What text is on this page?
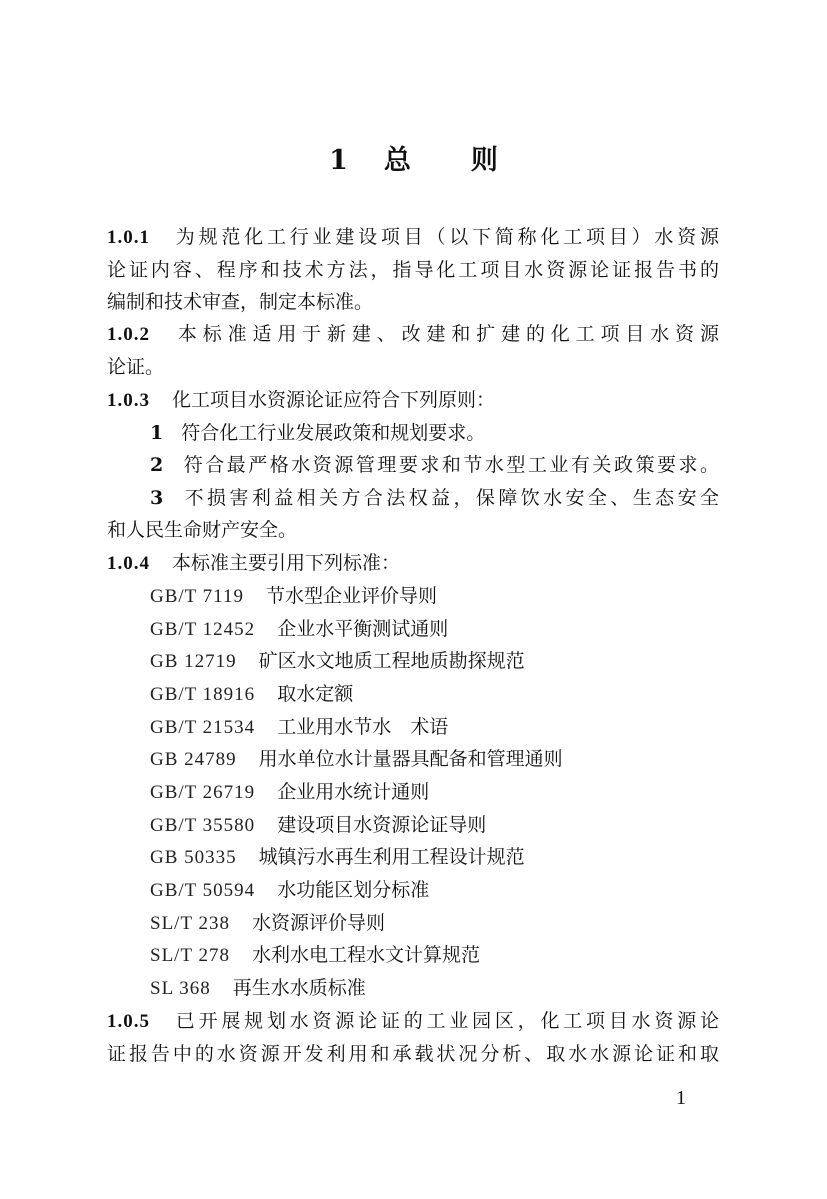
1 总 则
1.0.1 为规范化工行业建设项目（以下简称化工项目）水资源
论证内容、程序和技术方法，指导化工项目水资源论证报告书的
编制和技术审查，制定本标准。
1.0.2 本标准适用于新建、改建和扩建的化工项目水资源
论证。
1.0.3 化工项目水资源论证应符合下列原则：
1 符合化工行业发展政策和规划要求。
2 符合最严格水资源管理要求和节水型工业有关政策要求。
3 不损害利益相关方合法权益，保障饮水安全、生态安全
和人民生命财产安全。
1.0.4 本标准主要引用下列标准：
GB/T 7119 节水型企业评价导则
GB/T 12452 企业水平衡测试通则
GB 12719 矿区水文地质工程地质勘探规范
GB/T 18916 取水定额
GB/T 21534 工业用水节水　术语
GB 24789 用水单位水计量器具配备和管理通则
GB/T 26719 企业用水统计通则
GB/T 35580 建设项目水资源论证导则
GB 50335 城镇污水再生利用工程设计规范
GB/T 50594 水功能区划分标准
SL/T 238 水资源评价导则
SL/T 278 水利水电工程水文计算规范
SL 368 再生水水质标准
1.0.5 已开展规划水资源论证的工业园区，化工项目水资源论
证报告中的水资源开发利用和承载状况分析、取水水源论证和取
1
